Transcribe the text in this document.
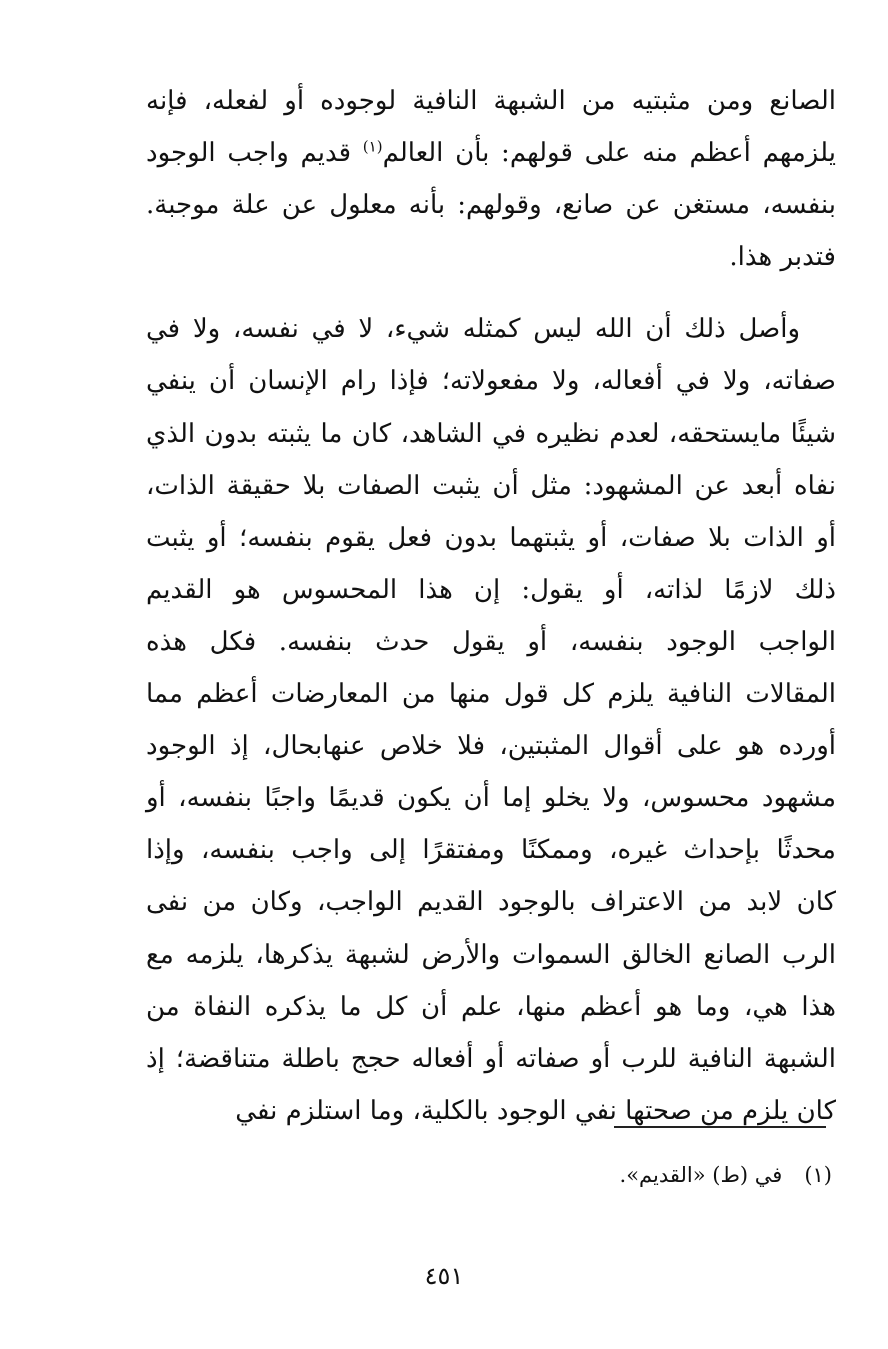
الصانع ومن مثبتيه من الشبهة النافية لوجوده أو لفعله، فإنه
يلزمهم أعظم منه على قولهم: بأن العالم$^{(١)}$ قديم واجب الوجود
بنفسه، مستغن عن صانع، وقولهم: بأنه معلول عن علة موجبة.
فتدبر هذا.
وأصل ذلك أن الله ليس كمثله شيء، لا في نفسه، ولا في
صفاته، ولا في أفعاله، ولا مفعولاته؛ فإذا رام الإنسان أن ينفي
شيئًا مايستحقه، لعدم نظيره في الشاهد، كان ما يثبته بدون الذي
نفاه أبعد عن المشهود: مثل أن يثبت الصفات بلا حقيقة الذات،
أو الذات بلا صفات، أو يثبتهما بدون فعل يقوم بنفسه؛ أو يثبت
ذلك لازمًا لذاته، أو يقول: إن هذا المحسوس هو القديم
الواجب الوجود بنفسه، أو يقول حدث بنفسه. فكل هذه
المقالات النافية يلزم كل قول منها من المعارضات أعظم مما
أورده هو على أقوال المثبتين، فلا خلاص عنهابحال، إذ الوجود
مشهود محسوس، ولا يخلو إما أن يكون قديمًا واجبًا بنفسه، أو
محدثًا بإحداث غيره، وممكنًا ومفتقرًا إلى واجب بنفسه، وإذا
كان لابد من الاعتراف بالوجود القديم الواجب، وكان من نفى
الرب الصانع الخالق السموات والأرض لشبهة يذكرها، يلزمه مع
هذا هي، وما هو أعظم منها، علم أن كل ما يذكره النفاة من
الشبهة النافية للرب أو صفاته أو أفعاله حجج باطلة متناقضة؛ إذ
كان يلزم من صحتها نفي الوجود بالكلية، وما استلزم نفي
(١)في (ط) «القديم».
٤٥١
